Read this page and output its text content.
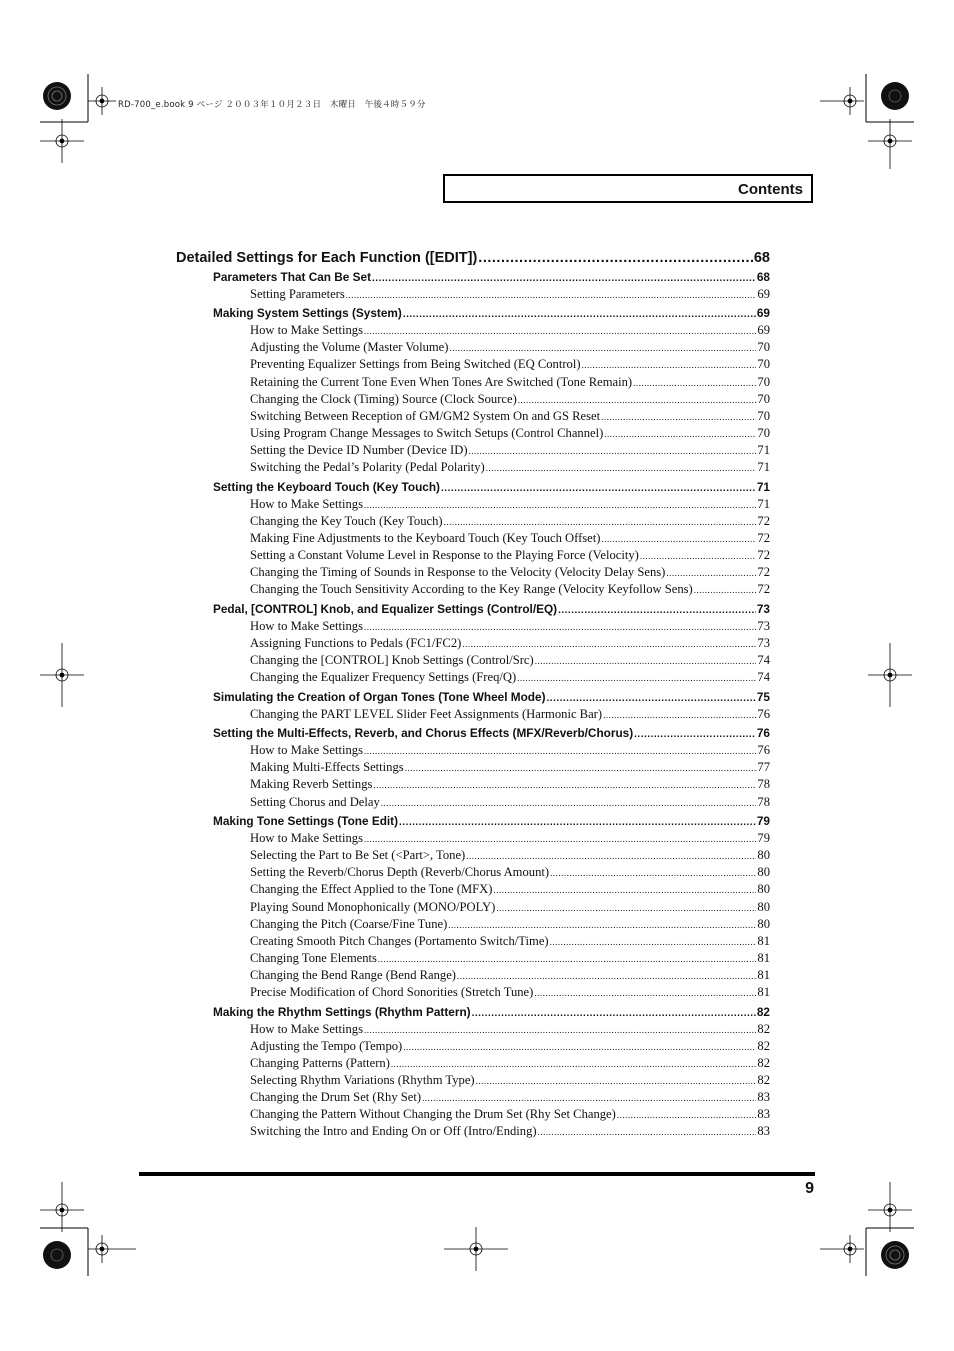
RD-700_e.book 9 ページ ２００３年１０月２３日　木曜日　午後４時５９分
Contents
Detailed Settings for Each Function ([EDIT]) .....	68
Parameters That Can Be Set .....	68
Setting Parameters .....	69
Making System Settings (System) .....	69
How to Make Settings .....	69
Adjusting the Volume (Master Volume) .....	70
Preventing Equalizer Settings from Being Switched (EQ Control) .....	70
Retaining the Current Tone Even When Tones Are Switched (Tone Remain) .....	70
Changing the Clock (Timing) Source (Clock Source) .....	70
Switching Between Reception of GM/GM2 System On and GS Reset .....	70
Using Program Change Messages to Switch Setups (Control Channel) .....	70
Setting the Device ID Number (Device ID) .....	71
Switching the Pedal’s Polarity (Pedal Polarity) .....	71
Setting the Keyboard Touch (Key Touch) .....	71
How to Make Settings .....	71
Changing the Key Touch (Key Touch) .....	72
Making Fine Adjustments to the Keyboard Touch (Key Touch Offset) .....	72
Setting a Constant Volume Level in Response to the Playing Force (Velocity) .....	72
Changing the Timing of Sounds in Response to the Velocity (Velocity Delay Sens) .....	72
Changing the Touch Sensitivity According to the Key Range (Velocity Keyfollow Sens) .....	72
Pedal, [CONTROL] Knob, and Equalizer Settings (Control/EQ) .....	73
How to Make Settings .....	73
Assigning Functions to Pedals (FC1/FC2) .....	73
Changing the [CONTROL] Knob Settings (Control/Src) .....	74
Changing the Equalizer Frequency Settings (Freq/Q) .....	74
Simulating the Creation of Organ Tones (Tone Wheel Mode) .....	75
Changing the PART LEVEL Slider Feet Assignments (Harmonic Bar) .....	76
Setting the Multi-Effects, Reverb, and Chorus Effects (MFX/Reverb/Chorus) .....	76
How to Make Settings .....	76
Making Multi-Effects Settings .....	77
Making Reverb Settings .....	78
Setting Chorus and Delay .....	78
Making Tone Settings (Tone Edit) .....	79
How to Make Settings .....	79
Selecting the Part to Be Set (<Part>, Tone) .....	80
Setting the Reverb/Chorus Depth (Reverb/Chorus Amount) .....	80
Changing the Effect Applied to the Tone (MFX) .....	80
Playing Sound Monophonically (MONO/POLY) .....	80
Changing the Pitch (Coarse/Fine Tune) .....	80
Creating Smooth Pitch Changes (Portamento Switch/Time) .....	81
Changing Tone Elements .....	81
Changing the Bend Range (Bend Range) .....	81
Precise Modification of Chord Sonorities (Stretch Tune) .....	81
Making the Rhythm Settings (Rhythm Pattern) .....	82
How to Make Settings .....	82
Adjusting the Tempo (Tempo) .....	82
Changing Patterns (Pattern) .....	82
Selecting Rhythm Variations (Rhythm Type) .....	82
Changing the Drum Set (Rhy Set) .....	83
Changing the Pattern Without Changing the Drum Set (Rhy Set Change) .....	83
Switching the Intro and Ending On or Off (Intro/Ending) .....	83
9
